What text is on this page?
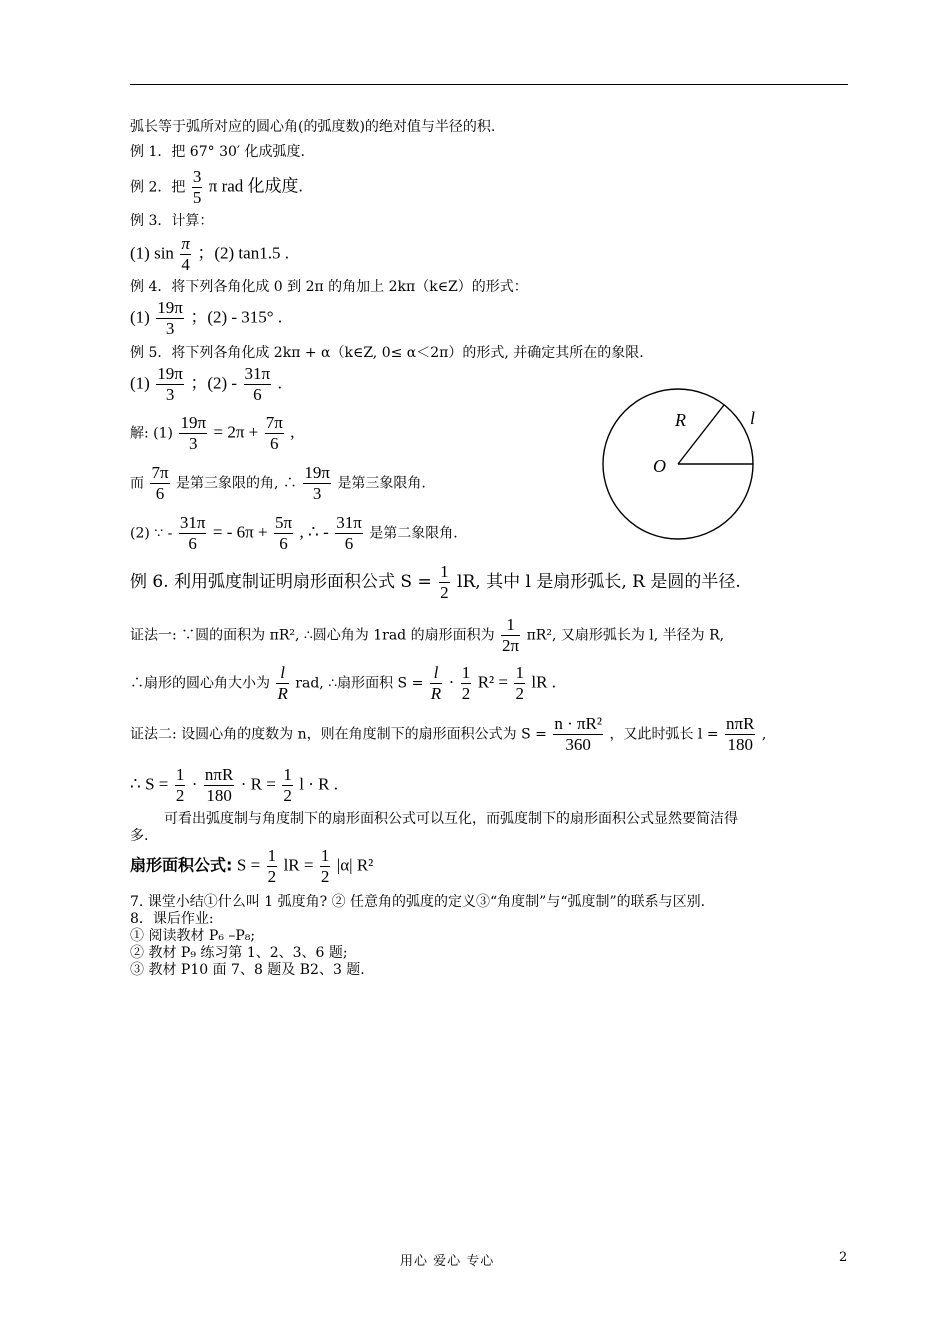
弧长等于弧所对应的圆心角(的弧度数)的绝对值与半径的积.
例 1．把 67° 30′ 化成弧度.
例 2．把 $\frac{3}{5}$ π rad 化成度.
例 3．计算：
(1) $\sin \frac{\pi}{4}$ ；(2) tan1.5 .
例 4．将下列各角化成 0 到 2π 的角加上 2kπ（k∈Z）的形式：
$(1) \frac{19\pi}{3}$ ；(2) - 315° .
例 5．将下列各角化成 2kπ + α（k∈Z, 0≤ α＜2π）的形式, 并确定其所在的象限.
$(1) \frac{19\pi}{3}$ ；$(2) - \frac{31\pi}{6}$ .
解: $(1) \frac{19\pi}{3} = 2\pi + \frac{7\pi}{6}$ ,
而 $\frac{7\pi}{6}$ 是第三象限的角, ∴ $\frac{19\pi}{3}$ 是第三象限角.
(2) ∵ - $\frac{31\pi}{6}$ = - $6\pi + \frac{5\pi}{6}$ , ∴ - $\frac{31\pi}{6}$ 是第二象限角.
R	l
O
例 6. 利用弧度制证明扇形面积公式 $S = \frac{1}{2}$ lR, 其中 l 是扇形弧长, R 是圆的半径.
证法一: ∵圆的面积为 πR², ∴圆心角为 1rad 的扇形面积为 $\frac{1}{2\pi} \pi R^2$, 又扇形弧长为 l, 半径为 R,
∴扇形的圆心角大小为 $\frac{l}{R}$ rad, ∴扇形面积 $S = \frac{l}{R} \cdot \frac{1}{2} R^2 = \frac{1}{2}$ lR .
证法二: 设圆心角的度数为 n，则在角度制下的扇形面积公式为 $S = \frac{\text{n · πR²}}{360}$ ，又此时弧长 $l = \frac{\text{nπR}}{180}$ ,
∴ $S = \frac{1}{2} \cdot \frac{\text{nπR}}{180} \cdot R = \frac{1}{2}$ l · R .
可看出弧度制与角度制下的扇形面积公式可以互化，而弧度制下的扇形面积公式显然要简洁得
多.
扇形面积公式: $S = \frac{1}{2}$ lR = $\frac{1}{2} |\alpha|$ R²
7. 课堂小结①什么叫 1 弧度角? ② 任意角的弧度的定义③“角度制”与“弧度制”的联系与区别.
8．课后作业:
① 阅读教材 P₆ –P₈;
② 教材 P₉ 练习第 1、2、3、6 题;
③ 教材 P10 面 7、8 题及 B2、3 题.
用心 爱心 专心	2
